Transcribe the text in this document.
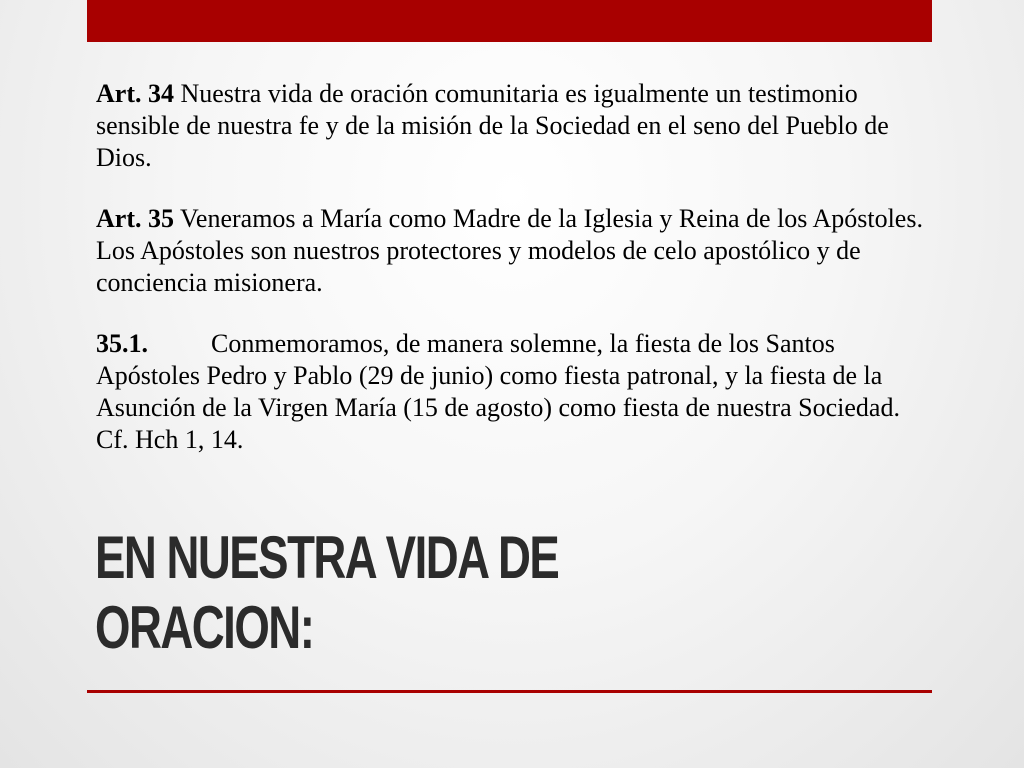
Art. 34 Nuestra vida de oración comunitaria es igualmente un testimonio sensible de nuestra fe y de la misión de la Sociedad en el seno del Pueblo de Dios.

Art. 35 Veneramos a María como Madre de la Iglesia y Reina de los Apóstoles. Los Apóstoles son nuestros protectores y modelos de celo apostólico y de conciencia misionera.

35.1. Conmemoramos, de manera solemne, la fiesta de los Santos Apóstoles Pedro y Pablo (29 de junio) como fiesta patronal, y la fiesta de la Asunción de la Virgen María (15 de agosto) como fiesta de nuestra Sociedad. Cf. Hch 1, 14.

EN NUESTRA VIDA DE
ORACION:
